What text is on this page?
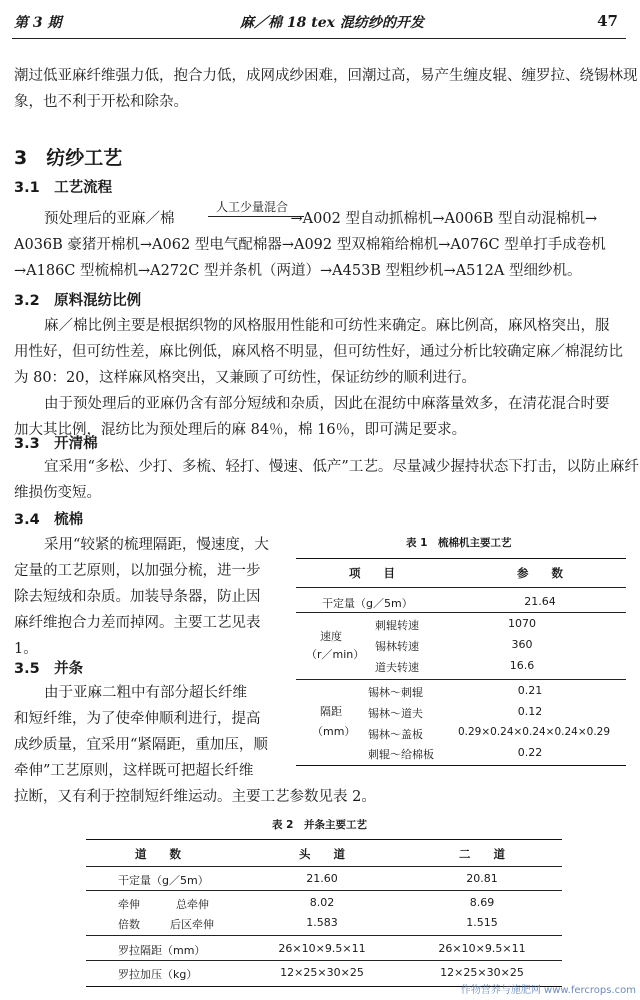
第 3 期	麻／棉 18 tex 混纺纱的开发	47
潮过低亚麻纤维强力低，抱合力低，成网成纱困难，回潮过高，易产生缠皮辊、缠罗拉、绕锡林现
象，也不利于开松和除杂。
3　纺纱工艺
3.1　工艺流程
人工少量混合
预处理后的亚麻／棉　　　　　　　　→A002 型自动抓棉机→A006B 型自动混棉机→
A036B 豪猪开棉机→A062 型电气配棉器→A092 型双棉箱给棉机→A076C 型单打手成卷机
→A186C 型梳棉机→A272C 型并条机（两道）→A453B 型粗纱机→A512A 型细纱机。
3.2　原料混纺比例
麻／棉比例主要是根据织物的风格服用性能和可纺性来确定。麻比例高，麻风格突出，服
用性好，但可纺性差，麻比例低，麻风格不明显，但可纺性好，通过分析比较确定麻／棉混纺比
为 80：20，这样麻风格突出，又兼顾了可纺性，保证纺纱的顺利进行。
由于预处理后的亚麻仍含有部分短绒和杂质，因此在混纺中麻落量效多，在清花混合时要
加大其比例，混纺比为预处理后的麻 84％，棉 16％，即可满足要求。
3.3　开清棉
宜采用“多松、少打、多梳、轻打、慢速、低产”工艺。尽量减少握持状态下打击，以防止麻纤
维损伤变短。
3.4　梳棉
采用“较紧的梳理隔距，慢速度，大
定量的工艺原则，以加强分梳，进一步
除去短绒和杂质。加装导条器，防止因
麻纤维抱合力差而掉网。主要工艺见表
1。
3.5　并条
由于亚麻二粗中有部分超长纤维
和短纤维，为了使牵伸顺利进行，提高
成纱质量，宜采用“紧隔距，重加压，顺
牵伸”工艺原则，这样既可把超长纤维
拉断，又有利于控制短纤维运动。主要工艺参数见表 2。
表 1　梳棉机主要工艺
项　　目	参　　数
干定量（g／5m）	21.64
速度
（r／min）
刺辊转速	1070
锡林转速	360
道夫转速	16.6
隔距
（mm）
锡林～刺辊	0.21
锡林～道夫	0.12
锡林～盖板	0.29×0.24×0.24×0.24×0.29
刺辊～给棉板	0.22
表 2　并条主要工艺
道　　数	头　　道	二　　道
干定量（g／5m）	21.60	20.81
牵伸	总牵伸	8.02	8.69
倍数	后区牵伸	1.583	1.515
罗拉隔距（mm）	26×10×9.5×11	26×10×9.5×11
罗拉加压（kg）	12×25×30×25	12×25×30×25
作物营养与施肥网 www.fercrops.com
